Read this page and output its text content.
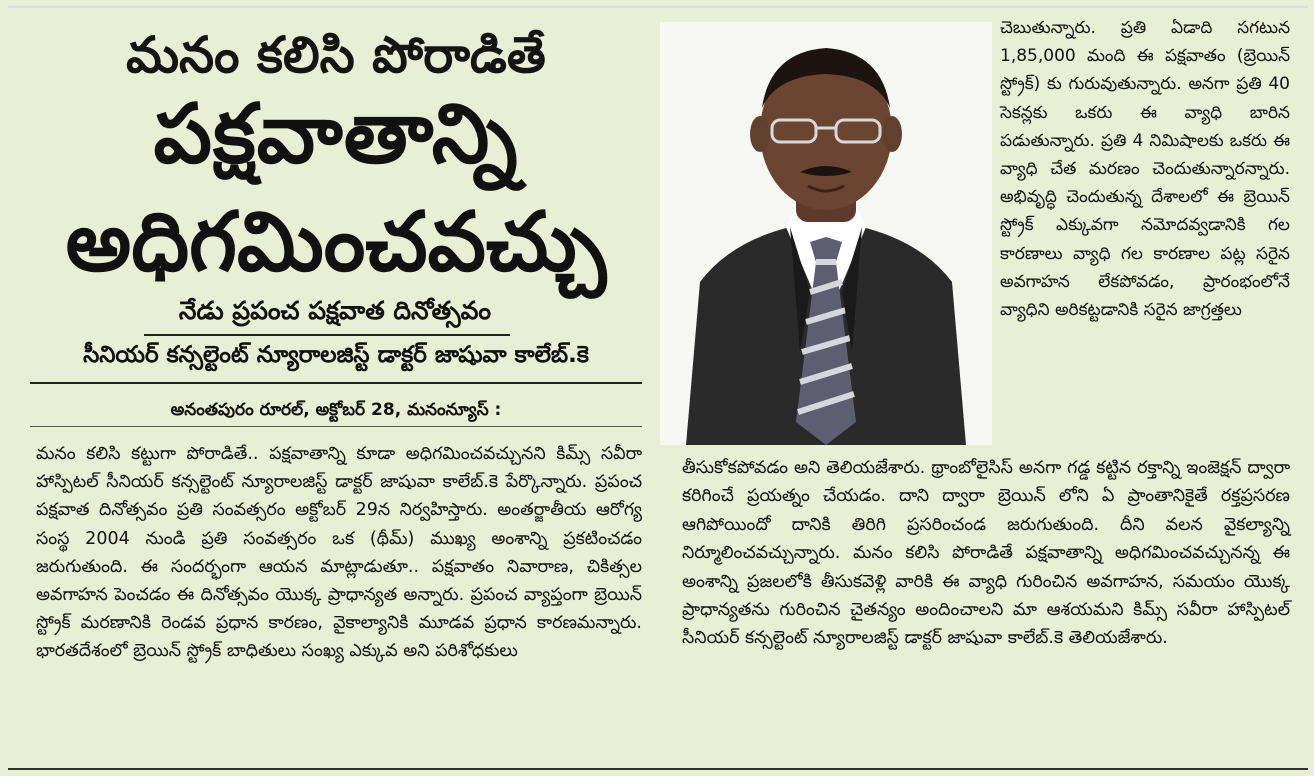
మనం కలిసి పోరాడితే
పక్షవాతాన్ని
అధిగమించవచ్చు
నేడు ప్రపంచ పక్షవాత దినోత్సవం
సీనియర్ కన్సల్టెంట్ న్యూరాలజిస్ట్ డాక్టర్ జాషువా కాలేబ్.కె
అనంతపురం రూరల్, అక్టోబర్ 28, మనంన్యూస్ :

మనం కలిసి కట్టుగా పోరాడితే.. పక్షవాతాన్ని కూడా అధిగమించవచ్చునని కిమ్స్ సవీరా హాస్పిటల్ సీనియర్ కన్సల్టెంట్ న్యూరాలజిస్ట్ డాక్టర్ జాషువా కాలేబ్.కె పేర్కొన్నారు. ప్రపంచ పక్షవాత దినోత్సవం ప్రతి సంవత్సరం అక్టోబర్ 29న నిర్వహిస్తారు. అంతర్జాతీయ ఆరోగ్య సంస్థ 2004 నుండి ప్రతి సంవత్సరం ఒక (థీమ్) ముఖ్య అంశాన్ని ప్రకటించడం జరుగుతుంది. ఈ సందర్భంగా ఆయన మాట్లాడుతూ.. పక్షవాతం నివారాణ, చికిత్సల అవగాహన పెంచడం ఈ దినోత్సవం యొక్క ప్రాధాన్యత అన్నారు. ప్రపంచ వ్యాప్తంగా బ్రెయిన్ స్ట్రోక్ మరణానికి రెండవ ప్రధాన కారణం, వైకాల్యానికి మూడవ ప్రధాన కారణమన్నారు. భారతదేశంలో బ్రెయిన్ స్ట్రోక్ బాధితులు సంఖ్య ఎక్కువ అని పరిశోధకులు

చెబుతున్నారు. ప్రతి ఏడాది సగటున 1,85,000 మంది ఈ పక్షవాతం (బ్రెయిన్ స్ట్రోక్) కు గురువుతున్నారు. అనగా ప్రతి 40 సెకన్లకు ఒకరు ఈ వ్యాధి బారిన పడుతున్నారు. ప్రతి 4 నిమిషాలకు ఒకరు ఈ వ్యాధి చేత మరణం చెందుతున్నారన్నారు. అభివృద్ధి చెందుతున్న దేశాలలో ఈ బ్రెయిన్ స్ట్రోక్ ఎక్కువగా నమోదవ్వడానికి గల కారణాలు వ్యాధి గల కారణాల పట్ల సరైన అవగాహన లేకపోవడం, ప్రారంభంలోనే వ్యాధిని అరికట్టడానికి సరైన జాగ్రత్తలు

తీసుకోకపోవడం అని తెలియజేశారు. థ్రాంబోలైసిస్ అనగా గడ్డ కట్టిన రక్తాన్ని ఇంజెక్షన్ ద్వారా కరిగించే ప్రయత్నం చేయడం. దాని ద్వారా బ్రెయిన్ లోని ఏ ప్రాంతానికైతే రక్తప్రసరణ ఆగిపోయిందో దానికి తిరిగి ప్రసరించండ జరుగుతుంది. దీని వలన వైకల్యాన్ని నిర్మూలించవచ్చున్నారు. మనం కలిసి పోరాడితే పక్షవాతాన్ని అధిగమించవచ్చునన్న ఈ అంశాన్ని ప్రజలలోకి తీసుకవెళ్లి వారికి ఈ వ్యాధి గురించిన అవగాహన, సమయం యొక్క ప్రాధాన్యతను గురించిన చైతన్యం అందించాలని మా ఆశయమని కిమ్స్ సవీరా హాస్పిటల్ సీనియర్ కన్సల్టెంట్ న్యూరాలజిస్ట్ డాక్టర్ జాషువా కాలేబ్.కె తెలియజేశారు.
